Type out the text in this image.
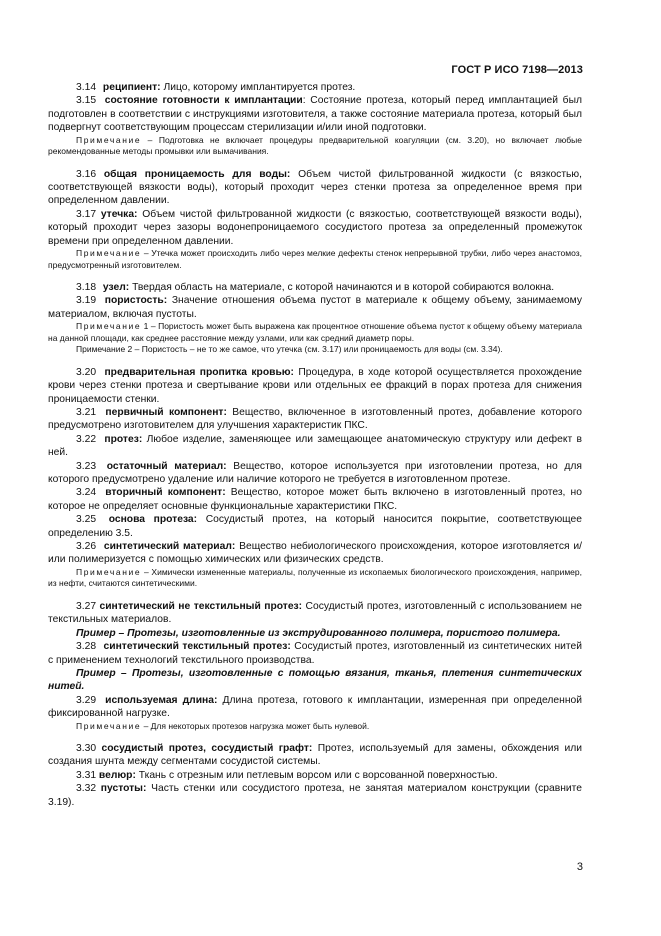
ГОСТ Р ИСО 7198—2013

3.14 реципиент: Лицо, которому имплантируется протез.

3.15 состояние готовности к имплантации: Состояние протеза, который перед имплантацией был подготовлен в соответствии с инструкциями изготовителя, а также состояние материала протеза, который был подвергнут соответствующим процессам стерилизации и/или иной подготовки.

Примечание – Подготовка не включает процедуры предварительной коагуляции (см. 3.20), но включает любые рекомендованные методы промывки или вымачивания.

3.16 общая проницаемость для воды: Объем чистой фильтрованной жидкости (с вязкостью, соответствующей вязкости воды), который проходит через стенки протеза за определенное время при определенном давлении.

3.17 утечка: Объем чистой фильтрованной жидкости (с вязкостью, соответствующей вязкости воды), который проходит через зазоры водонепроницаемого сосудистого протеза за определенный промежуток времени при определенном давлении.

Примечание – Утечка может происходить либо через мелкие дефекты стенок непрерывной трубки, либо через анастомоз, предусмотренный изготовителем.

3.18 узел: Твердая область на материале, с которой начинаются и в которой собираются волокна.

3.19 пористость: Значение отношения объема пустот в материале к общему объему, занимаемому материалом, включая пустоты.

Примечание 1 – Пористость может быть выражена как процентное отношение объема пустот к общему объему материала на данной площади, как среднее расстояние между узлами, или как средний диаметр поры.

Примечание 2 – Пористость – не то же самое, что утечка (см. 3.17) или проницаемость для воды (см. 3.34).

3.20 предварительная пропитка кровью: Процедура, в ходе которой осуществляется прохождение крови через стенки протеза и свертывание крови или отдельных ее фракций в порах протеза для снижения проницаемости стенки.

3.21 первичный компонент: Вещество, включенное в изготовленный протез, добавление которого предусмотрено изготовителем для улучшения характеристик ПКС.

3.22 протез: Любое изделие, заменяющее или замещающее анатомическую структуру или дефект в ней.

3.23 остаточный материал: Вещество, которое используется при изготовлении протеза, но для которого предусмотрено удаление или наличие которого не требуется в изготовленном протезе.

3.24 вторичный компонент: Вещество, которое может быть включено в изготовленный протез, но которое не определяет основные функциональные характеристики ПКС.

3.25 основа протеза: Сосудистый протез, на который наносится покрытие, соответствующее определению 3.5.

3.26 синтетический материал: Вещество небиологического происхождения, которое изготовляется и/или полимеризуется с помощью химических или физических средств.

Примечание – Химически измененные материалы, полученные из ископаемых биологического происхождения, например, из нефти, считаются синтетическими.

3.27 синтетический не текстильный протез: Сосудистый протез, изготовленный с использованием не текстильных материалов.

Пример – Протезы, изготовленные из экструдированного полимера, пористого полимера.

3.28 синтетический текстильный протез: Сосудистый протез, изготовленный из синтетических нитей с применением технологий текстильного производства.

Пример – Протезы, изготовленные с помощью вязания, тканья, плетения синтетических нитей.

3.29 используемая длина: Длина протеза, готового к имплантации, измеренная при определенной фиксированной нагрузке.

Примечание – Для некоторых протезов нагрузка может быть нулевой.

3.30 сосудистый протез, сосудистый графт: Протез, используемый для замены, обхождения или создания шунта между сегментами сосудистой системы.

3.31 велюр: Ткань с отрезным или петлевым ворсом или с ворсованной поверхностью.

3.32 пустоты: Часть стенки или сосудистого протеза, не занятая материалом конструкции (сравните 3.19).

3
